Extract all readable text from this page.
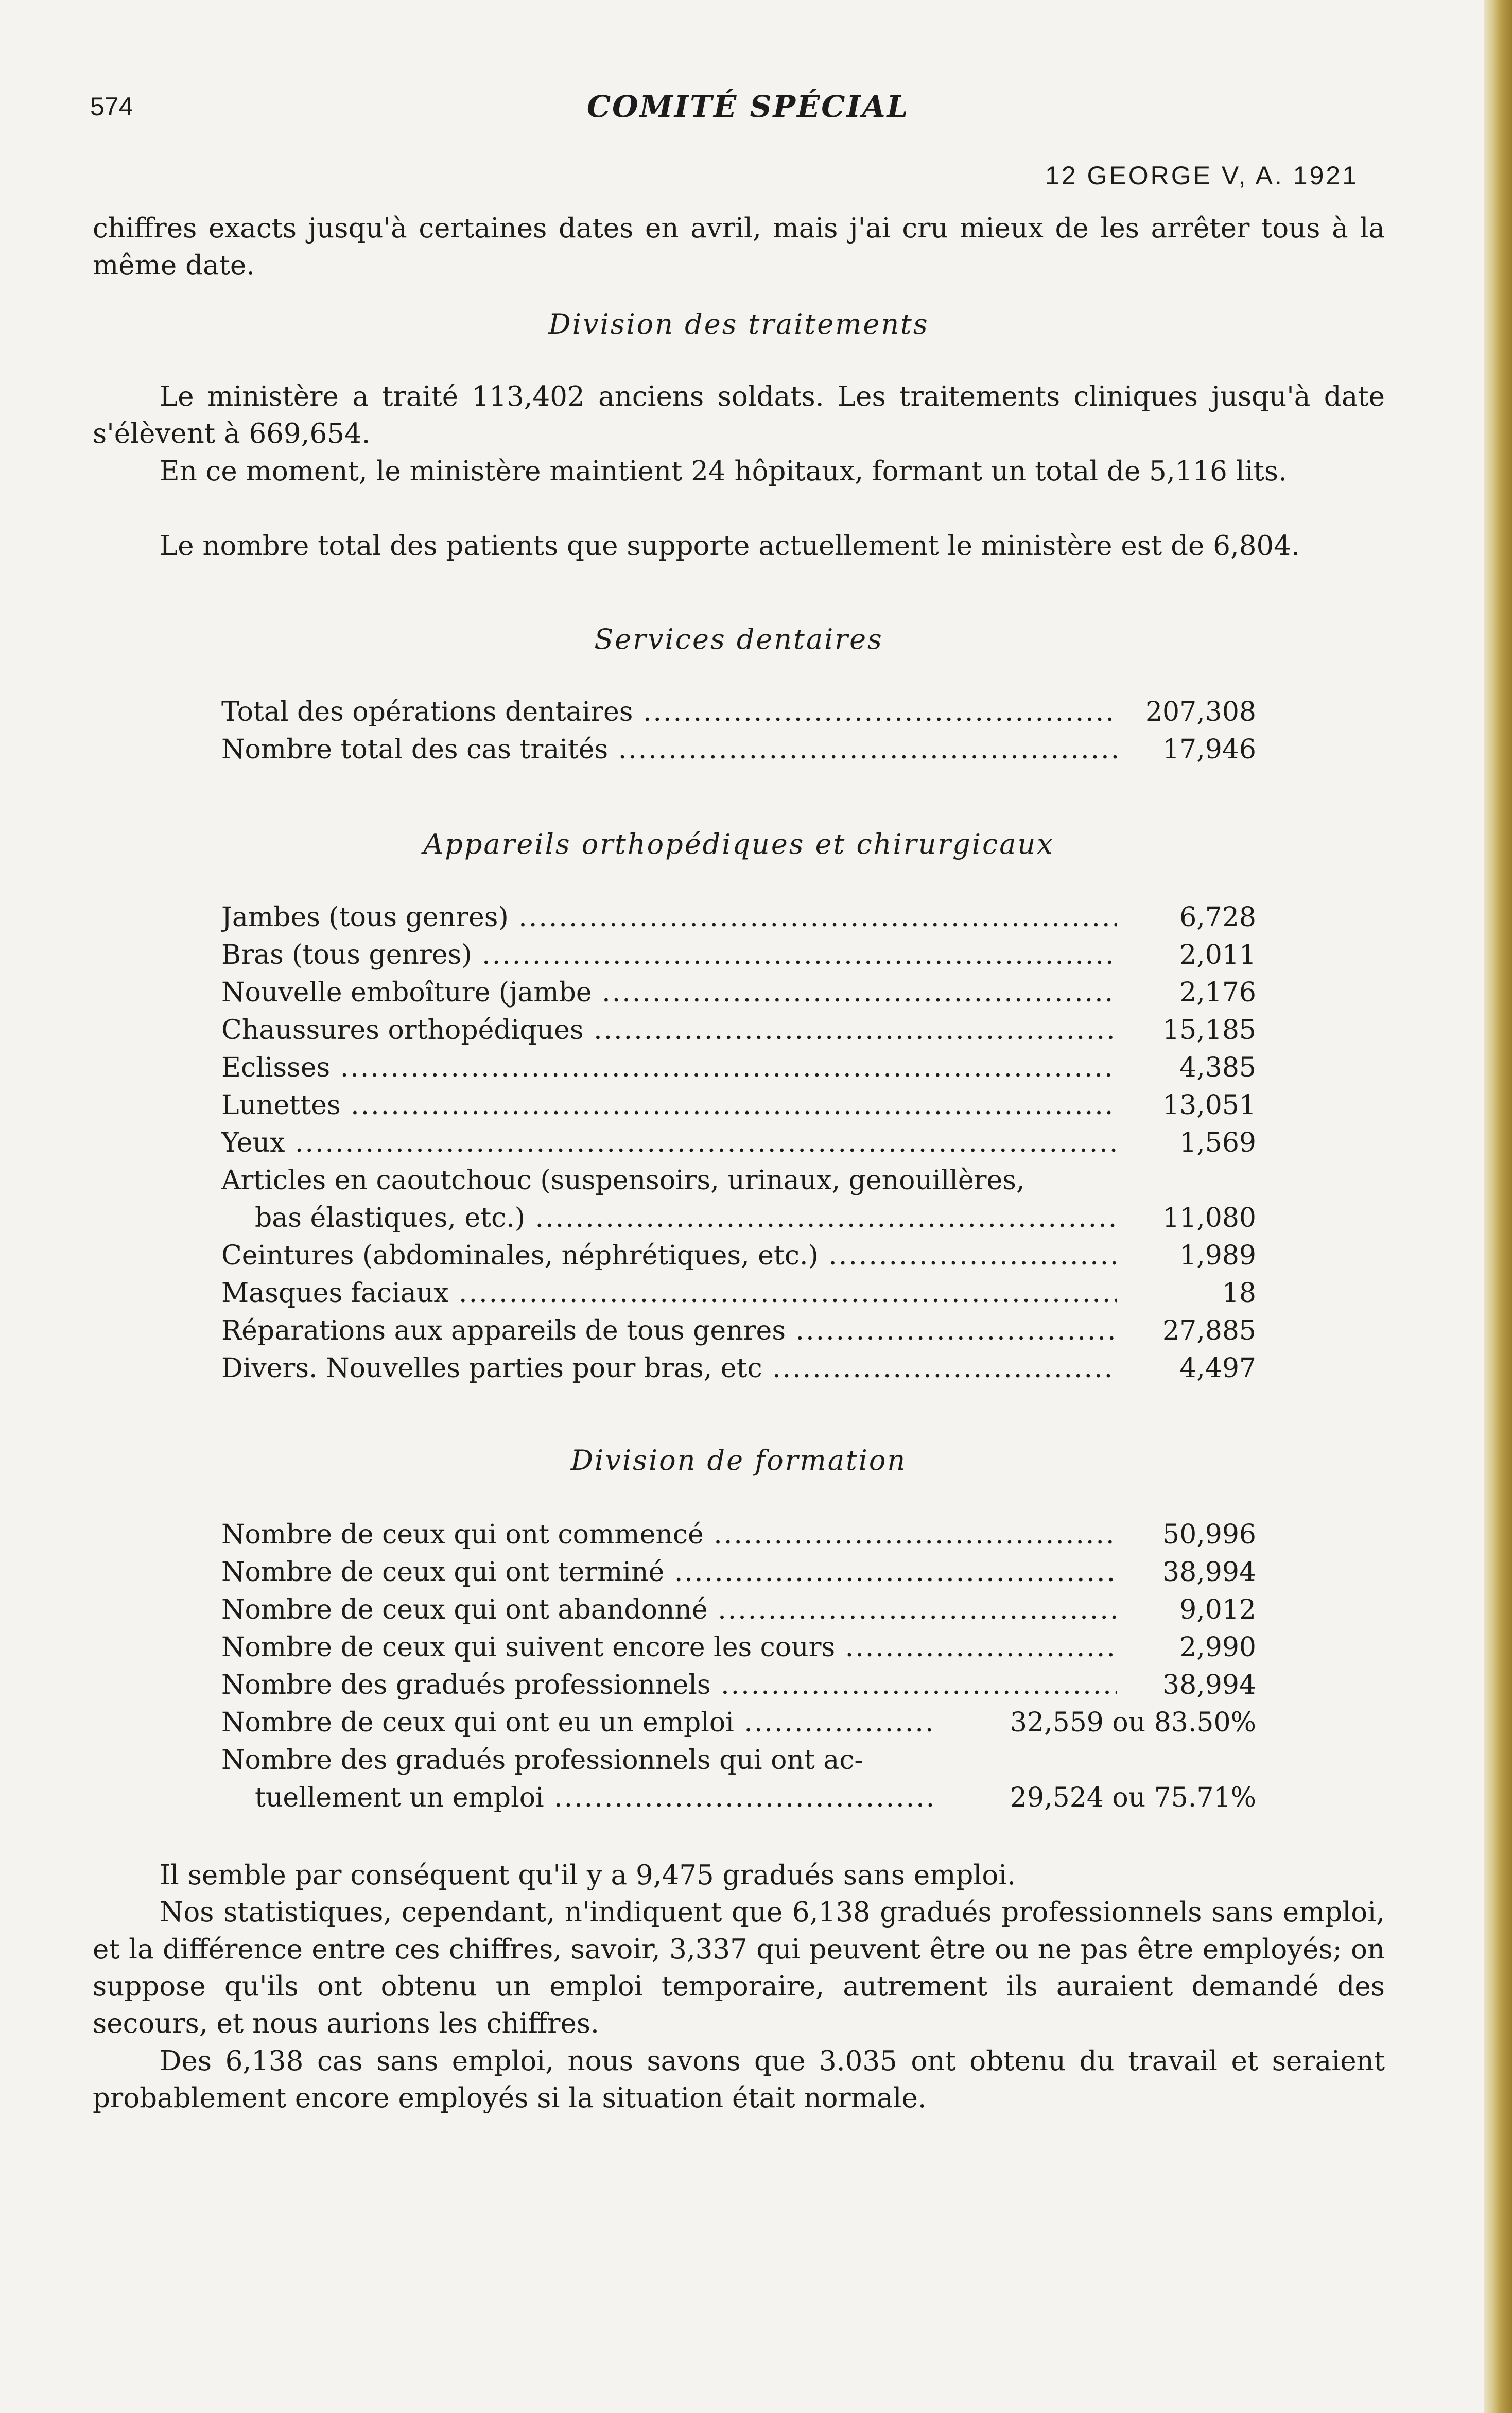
574	COMITÉ SPÉCIAL
12 GEORGE V, A. 1921

chiffres exacts jusqu'à certaines dates en avril, mais j'ai cru mieux de les arrêter tous à la même date.

Division des traitements

Le ministère a traité 113,402 anciens soldats. Les traitements cliniques jusqu'à date s'élèvent à 669,654.

En ce moment, le ministère maintient 24 hôpitaux, formant un total de 5,116 lits.

Le nombre total des patients que supporte actuellement le ministère est de 6,804.

Services dentaires

Total des opérations dentaires .....	207,308
Nombre total des cas traités .....	17,946

Appareils orthopédiques et chirurgicaux

Jambes (tous genres) .....	6,728
Bras (tous genres) .....	2,011
Nouvelle emboîture (jambe .....	2,176
Chaussures orthopédiques .....	15,185
Eclisses .....	4,385
Lunettes .....	13,051
Yeux .....	1,569
Articles en caoutchouc (suspensoirs, urinaux, genouillères,
bas élastiques, etc.) .....	11,080
Ceintures (abdominales, néphrétiques, etc.) .....	1,989
Masques faciaux .....	18
Réparations aux appareils de tous genres .....	27,885
Divers. Nouvelles parties pour bras, etc .....	4,497

Division de formation

Nombre de ceux qui ont commencé .....	50,996
Nombre de ceux qui ont terminé .....	38,994
Nombre de ceux qui ont abandonné .....	9,012
Nombre de ceux qui suivent encore les cours .....	2,990
Nombre des gradués professionnels .....	38,994
Nombre de ceux qui ont eu un emploi .....	32,559 ou 83.50%
Nombre des gradués professionnels qui ont ac-
tuellement un emploi .....	29,524 ou 75.71%

Il semble par conséquent qu'il y a 9,475 gradués sans emploi.

Nos statistiques, cependant, n'indiquent que 6,138 gradués professionnels sans emploi, et la différence entre ces chiffres, savoir, 3,337 qui peuvent être ou ne pas être employés; on suppose qu'ils ont obtenu un emploi temporaire, autrement ils auraient demandé des secours, et nous aurions les chiffres.

Des 6,138 cas sans emploi, nous savons que 3.035 ont obtenu du travail et seraient probablement encore employés si la situation était normale.
